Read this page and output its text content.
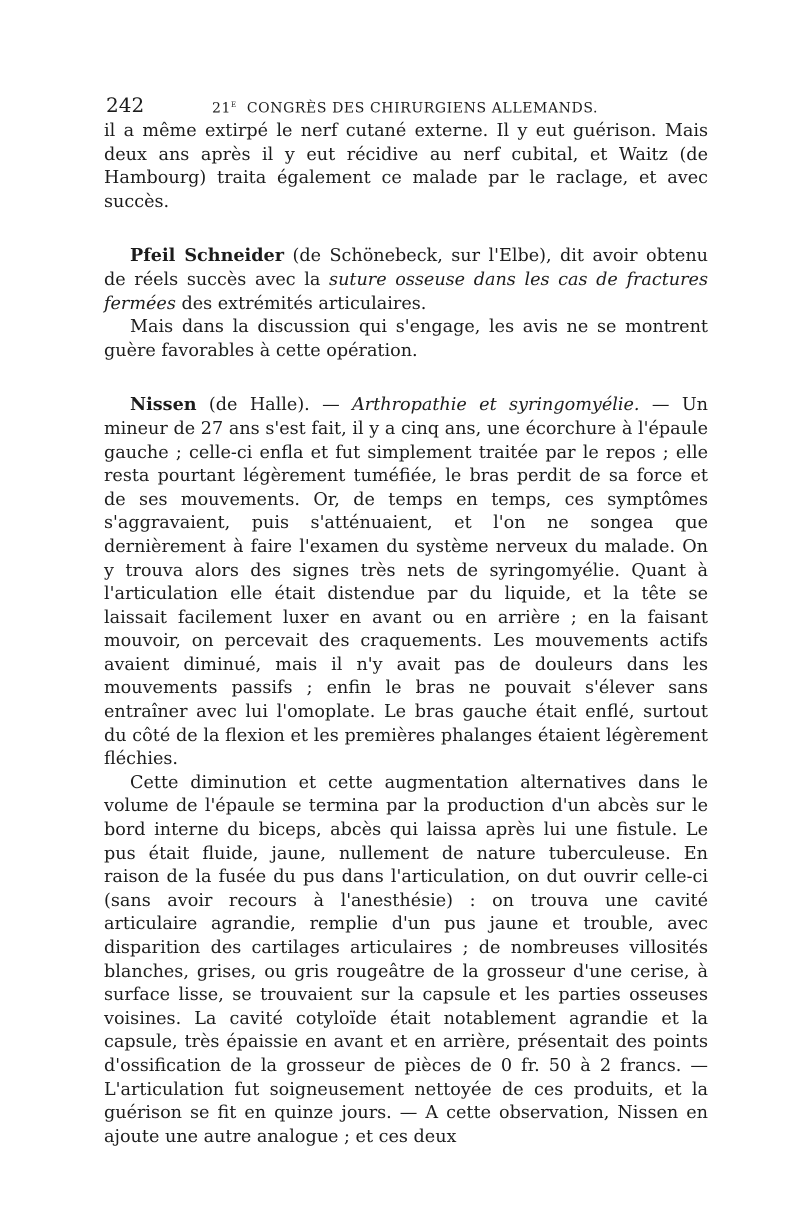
242	21e CONGRÈS DES CHIRURGIENS ALLEMANDS.

il a même extirpé le nerf cutané externe. Il y eut guérison. Mais deux ans après il y eut récidive au nerf cubital, et Waitz (de Hambourg) traita également ce malade par le raclage, et avec succès.

Pfeil Schneider (de Schönebeck, sur l'Elbe), dit avoir obtenu de réels succès avec la suture osseuse dans les cas de fractures fermées des extrémités articulaires.

Mais dans la discussion qui s'engage, les avis ne se montrent guère favorables à cette opération.

Nissen (de Halle). — Arthropathie et syringomyélie. — Un mineur de 27 ans s'est fait, il y a cinq ans, une écorchure à l'épaule gauche ; celle-ci enfla et fut simplement traitée par le repos ; elle resta pourtant légèrement tuméfiée, le bras perdit de sa force et de ses mouvements. Or, de temps en temps, ces symptômes s'aggravaient, puis s'atténuaient, et l'on ne songea que dernièrement à faire l'examen du système nerveux du malade. On y trouva alors des signes très nets de syringomyélie. Quant à l'articulation elle était distendue par du liquide, et la tête se laissait facilement luxer en avant ou en arrière ; en la faisant mouvoir, on percevait des craquements. Les mouvements actifs avaient diminué, mais il n'y avait pas de douleurs dans les mouvements passifs ; enfin le bras ne pouvait s'élever sans entraîner avec lui l'omoplate. Le bras gauche était enflé, surtout du côté de la flexion et les premières phalanges étaient légèrement fléchies.

Cette diminution et cette augmentation alternatives dans le volume de l'épaule se termina par la production d'un abcès sur le bord interne du biceps, abcès qui laissa après lui une fistule. Le pus était fluide, jaune, nullement de nature tuberculeuse. En raison de la fusée du pus dans l'articulation, on dut ouvrir celle-ci (sans avoir recours à l'anesthésie) : on trouva une cavité articulaire agrandie, remplie d'un pus jaune et trouble, avec disparition des cartilages articulaires ; de nombreuses villosités blanches, grises, ou gris rougeâtre de la grosseur d'une cerise, à surface lisse, se trouvaient sur la capsule et les parties osseuses voisines. La cavité cotyloïde était notablement agrandie et la capsule, très épaissie en avant et en arrière, présentait des points d'ossification de la grosseur de pièces de 0 fr. 50 à 2 francs. — L'articulation fut soigneusement nettoyée de ces produits, et la guérison se fit en quinze jours. — A cette observation, Nissen en ajoute une autre analogue ; et ces deux
